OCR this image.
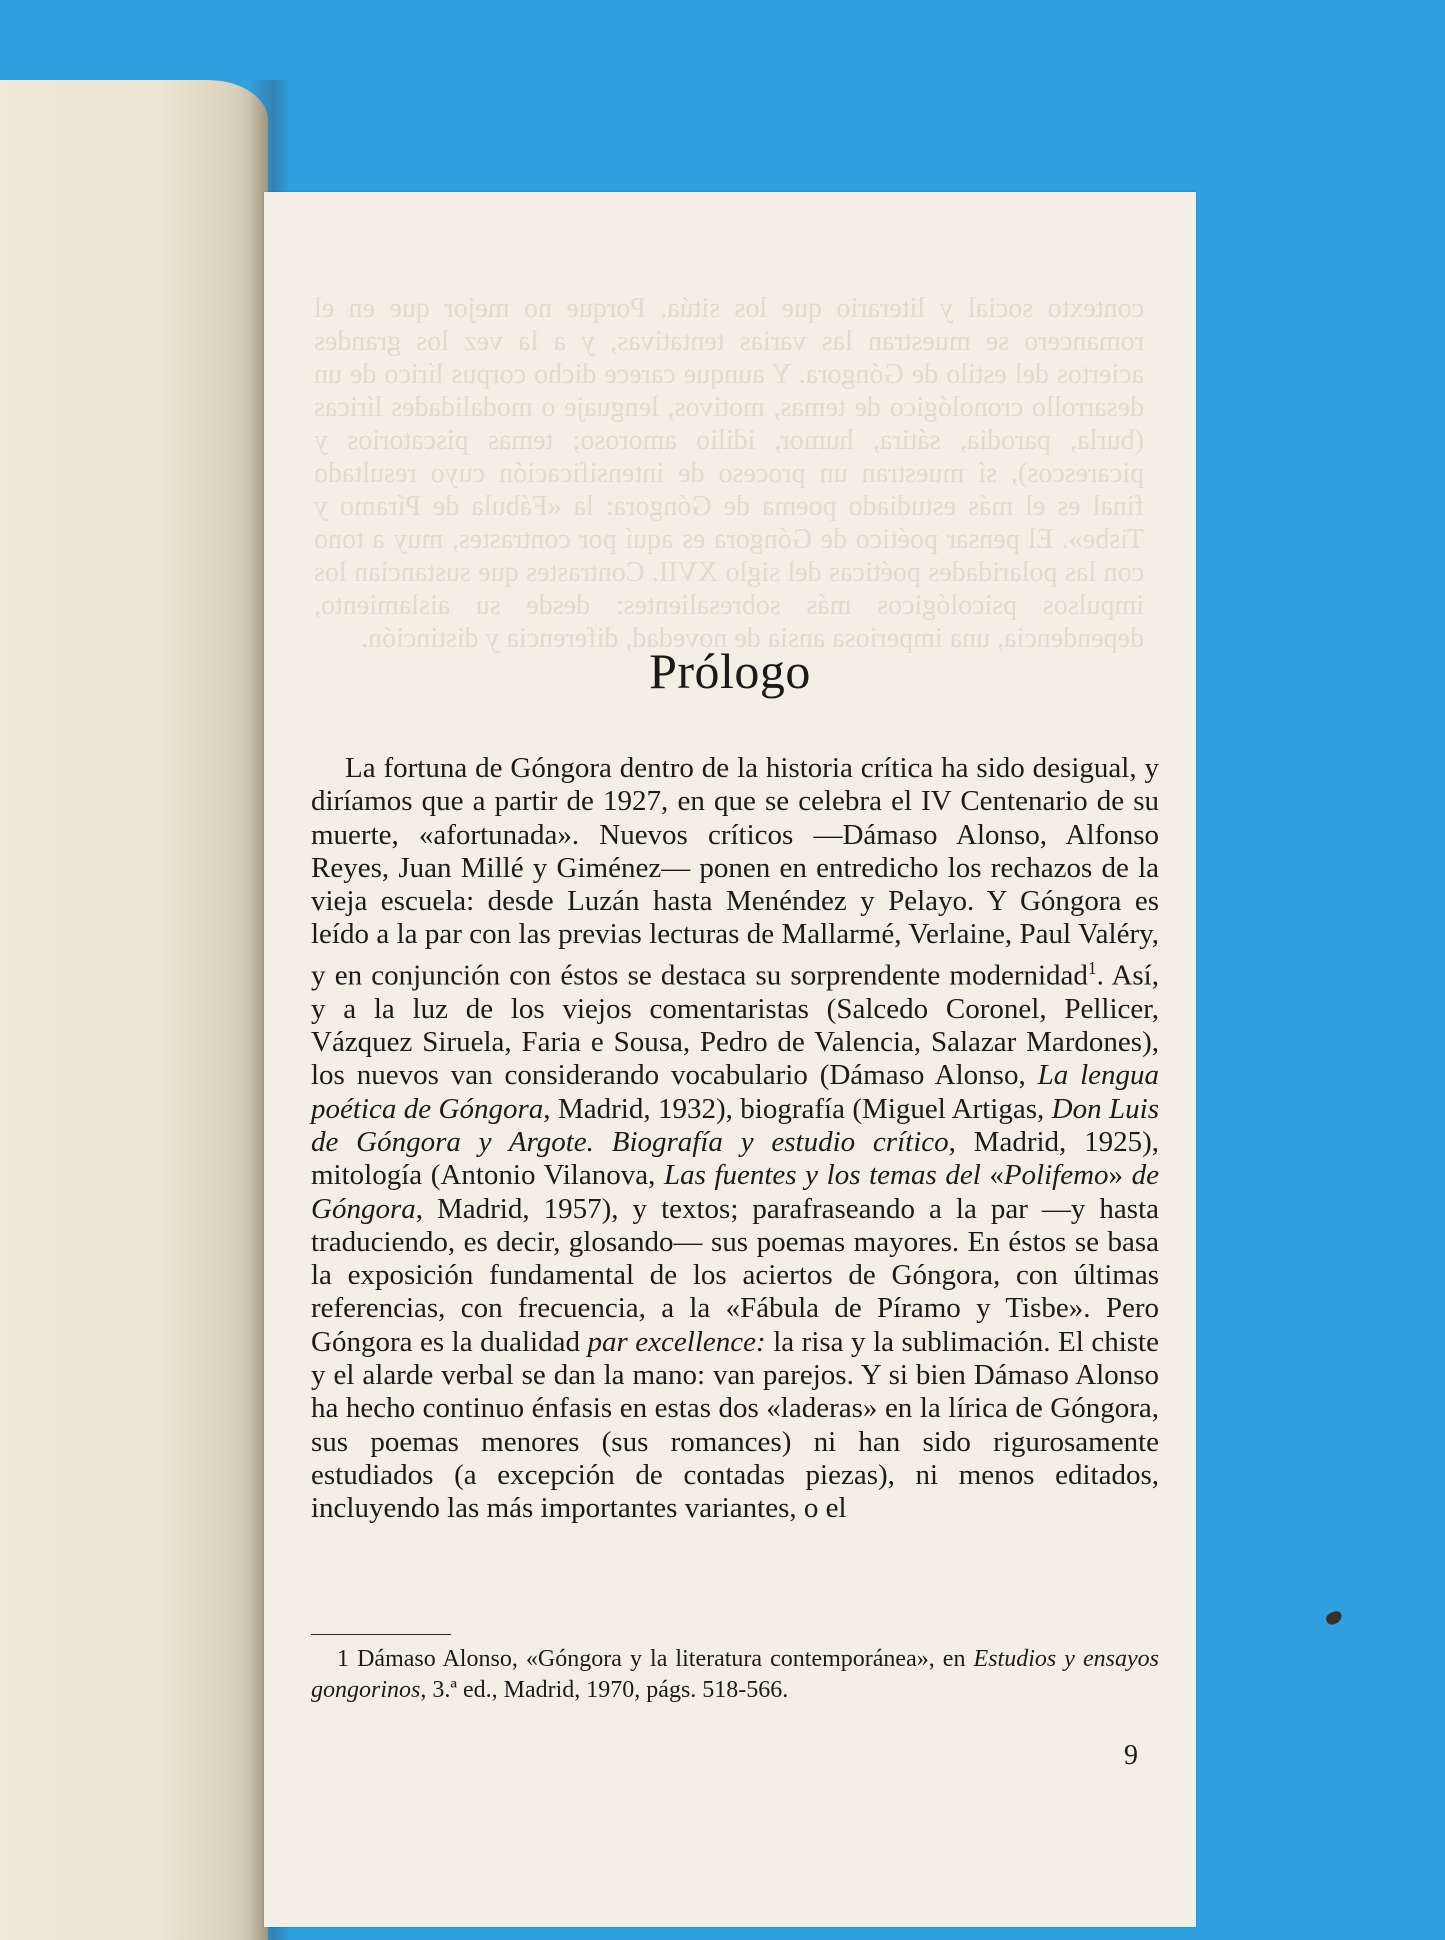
contexto social y literario que los sitúa. Porque no mejor que en el romancero se muestran las varias tentativas, y a la vez los grandes aciertos del estilo de Góngora. Y aunque carece dicho corpus lírico de un desarrollo cronológico de temas, motivos, lenguaje o modalidades líricas (burla, parodia, sátira, humor, idilio amoroso; temas piscatorios y picarescos), sí muestran un proceso de intensificación cuyo resultado final es el más estudiado poema de Góngora: la «Fábula de Píramo y Tisbe». El pensar poético de Góngora es aquí por contrastes, muy a tono con las polaridades poéticas del siglo XVII. Contrastes que sustancian los impulsos psicológicos más sobresalientes: desde su aislamiento, dependencia, una imperiosa ansia de novedad, diferencia y distinción.
Prólogo

La fortuna de Góngora dentro de la historia crítica ha sido desigual, y diríamos que a partir de 1927, en que se celebra el IV Centenario de su muerte, «afortunada». Nuevos críticos —Dámaso Alonso, Alfonso Reyes, Juan Millé y Giménez— ponen en entredicho los rechazos de la vieja escuela: desde Luzán hasta Menéndez y Pelayo. Y Góngora es leído a la par con las previas lecturas de Mallarmé, Verlaine, Paul Valéry, y en conjunción con éstos se destaca su sorprendente modernidad$^1$. Así, y a la luz de los viejos comentaristas (Salcedo Coronel, Pellicer, Vázquez Siruela, Faria e Sousa, Pedro de Valencia, Salazar Mardones), los nuevos van considerando vocabulario (Dámaso Alonso, La lengua poética de Góngora, Madrid, 1932), biografía (Miguel Artigas, Don Luis de Góngora y Argote. Biografía y estudio crítico, Madrid, 1925), mitología (Antonio Vilanova, Las fuentes y los temas del «Polifemo» de Góngora, Madrid, 1957), y textos; parafraseando a la par —y hasta traduciendo, es decir, glosando— sus poemas mayores. En éstos se basa la exposición fundamental de los aciertos de Góngora, con últimas referencias, con frecuencia, a la «Fábula de Píramo y Tisbe». Pero Góngora es la dualidad par excellence: la risa y la sublimación. El chiste y el alarde verbal se dan la mano: van parejos. Y si bien Dámaso Alonso ha hecho continuo énfasis en estas dos «laderas» en la lírica de Góngora, sus poemas menores (sus romances) ni han sido rigurosamente estudiados (a excepción de contadas piezas), ni menos editados, incluyendo las más importantes variantes, o el

1 Dámaso Alonso, «Góngora y la literatura contemporánea», en Estudios y ensayos gongorinos, 3.ª ed., Madrid, 1970, págs. 518-566.

9
